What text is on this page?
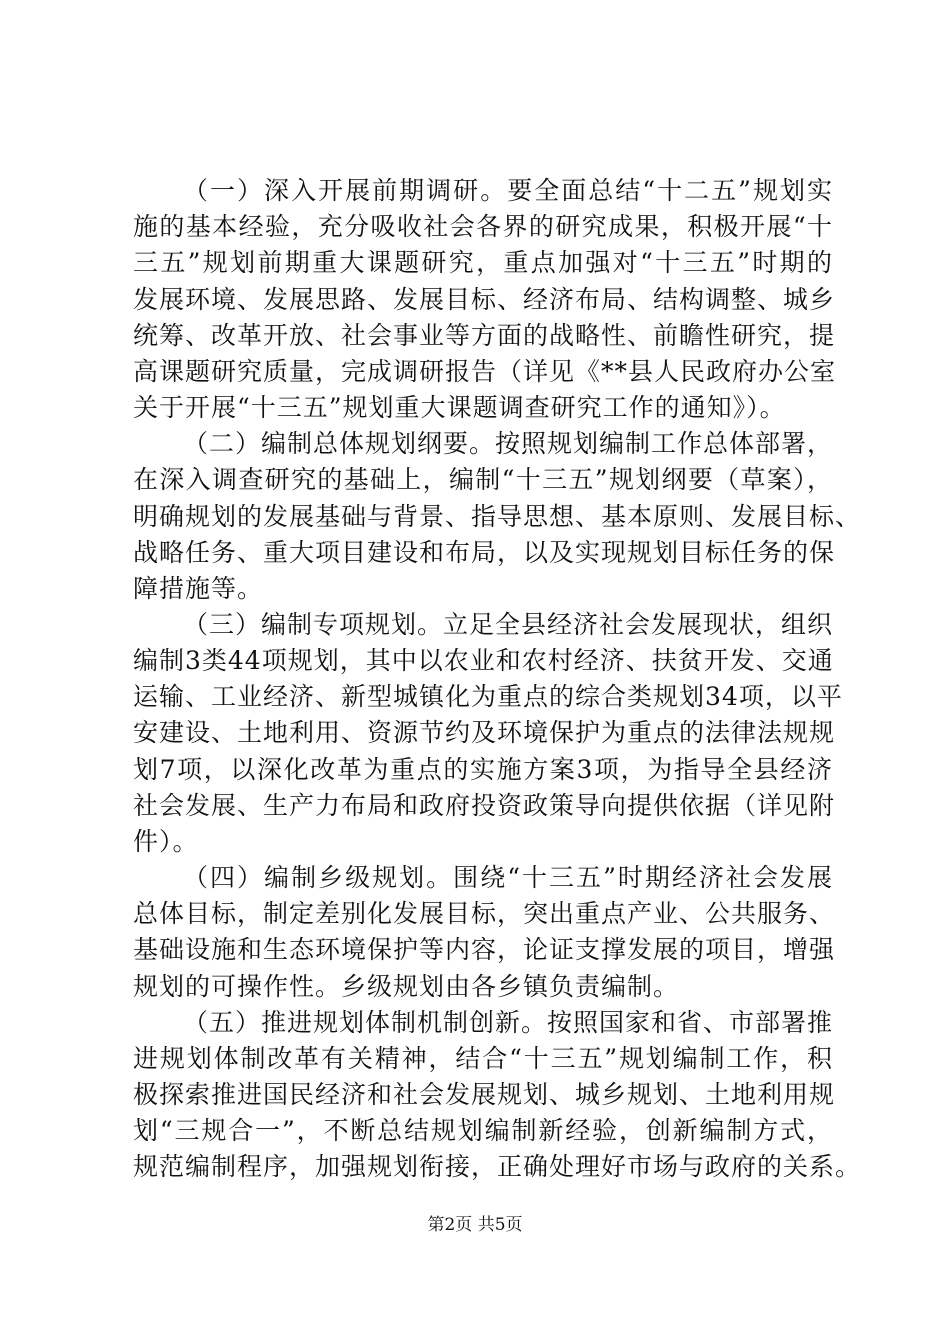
（一）深入开展前期调研。要全面总结“十二五”规划实
施的基本经验，充分吸收社会各界的研究成果，积极开展“十
三五”规划前期重大课题研究，重点加强对“十三五”时期的
发展环境、发展思路、发展目标、经济布局、结构调整、城乡
统筹、改革开放、社会事业等方面的战略性、前瞻性研究，提
高课题研究质量，完成调研报告（详见《**县人民政府办公室
关于开展“十三五”规划重大课题调查研究工作的通知》）。
（二）编制总体规划纲要。按照规划编制工作总体部署，
在深入调查研究的基础上，编制“十三五”规划纲要（草案），
明确规划的发展基础与背景、指导思想、基本原则、发展目标、
战略任务、重大项目建设和布局，以及实现规划目标任务的保
障措施等。
（三）编制专项规划。立足全县经济社会发展现状，组织
编制3类44项规划，其中以农业和农村经济、扶贫开发、交通
运输、工业经济、新型城镇化为重点的综合类规划34项，以平
安建设、土地利用、资源节约及环境保护为重点的法律法规规
划7项，以深化改革为重点的实施方案3项，为指导全县经济
社会发展、生产力布局和政府投资政策导向提供依据（详见附
件）。
（四）编制乡级规划。围绕“十三五”时期经济社会发展
总体目标，制定差别化发展目标，突出重点产业、公共服务、
基础设施和生态环境保护等内容，论证支撑发展的项目，增强
规划的可操作性。乡级规划由各乡镇负责编制。
（五）推进规划体制机制创新。按照国家和省、市部署推
进规划体制改革有关精神，结合“十三五”规划编制工作，积
极探索推进国民经济和社会发展规划、城乡规划、土地利用规
划“三规合一”，不断总结规划编制新经验，创新编制方式，
规范编制程序，加强规划衔接，正确处理好市场与政府的关系。
第2页 共5页
